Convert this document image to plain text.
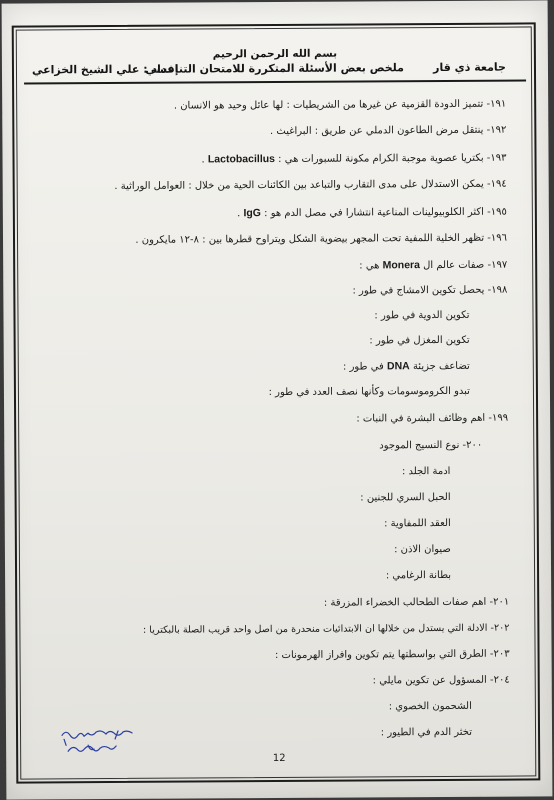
بسم الله الرحمن الرحيم
جامعة ذي قار
ملخص بعض الأسئلة المتكررة للامتحان التنافسي
إعداد : علي الشيخ الخزاعي
١٩١- تتميز الدودة القزمية عن غيرها من الشريطيات : لها عائل وحيد هو الانسان .
١٩٢- ينتقل مرض الطاعون الدملي عن طريق : البراغيث .
١٩٣- بكتريا عصوية موجبة الكرام مكونة للسبورات هي : Lactobacillus .
١٩٤- يمكن الاستدلال على مدى التقارب والتباعد بين الكائنات الحية من خلال : العوامل الوراثية .
١٩٥- اكثر الكلوبيولينات المناعية انتشارا في مصل الدم هو : IgG .
١٩٦- تظهر الخلية اللمفية تحت المجهر بيضوية الشكل ويتراوح قطرها بين : ٨-١٢ مايكرون .
١٩٧- صفات عالم ال Monera هي :
١٩٨- يحصل تكوين الامشاج في طور :
تكوين الدوية في طور :
تكوين المغزل في طور :
تضاعف جزيئة DNA في طور :
تبدو الكروموسومات وكأنها نصف العدد في طور :
١٩٩- اهم وظائف البشرة في النبات :
٢٠٠- نوع النسيج الموجود
ادمة الجلد :
الحبل السري للجنين :
العقد اللمفاوية :
صيوان الاذن :
بطانة الرغامي :
٢٠١- اهم صفات الطحالب الخضراء المزرقة :
٢٠٢- الادلة التي يستدل من خلالها ان الابتدائيات منحدرة من اصل واحد قريب الصلة بالبكتريا :
٢٠٣- الطرق التي بواسطتها يتم تكوين وافراز الهرمونات :
٢٠٤- المسؤول عن تكوين مايلي :
الشحمون الخصوي :
تخثر الدم في الطيور :
12
